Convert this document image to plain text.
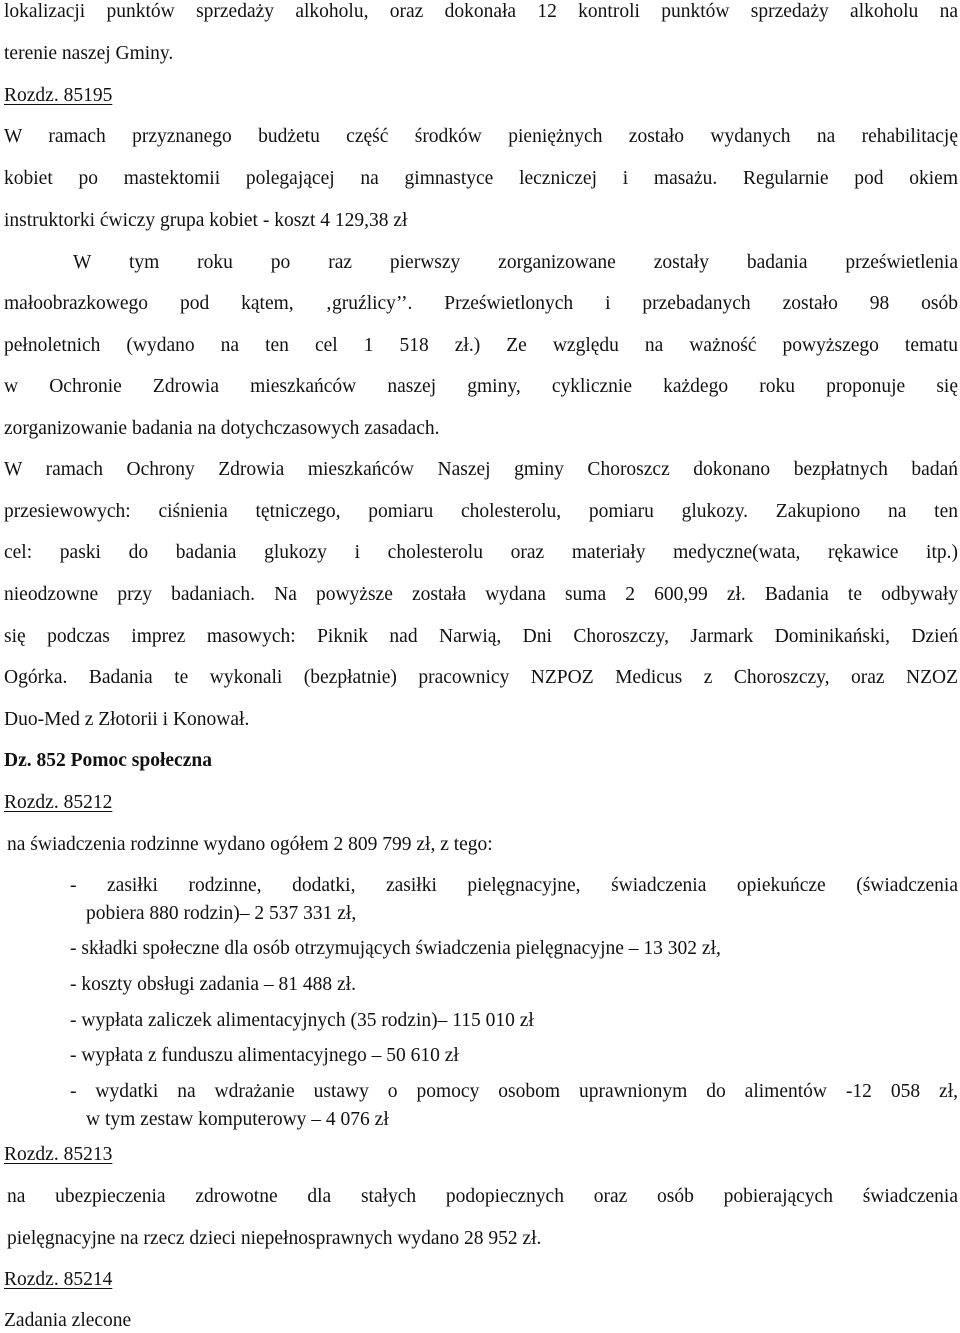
lokalizacji punktów sprzedaży alkoholu, oraz dokonała 12 kontroli punktów sprzedaży alkoholu na
terenie naszej Gminy.
Rozdz. 85195
W ramach przyznanego budżetu część środków pieniężnych zostało wydanych na rehabilitację
kobiet po mastektomii polegającej na gimnastyce leczniczej i masażu. Regularnie pod okiem
instruktorki ćwiczy grupa kobiet - koszt 4 129,38 zł
W tym roku po raz pierwszy zorganizowane zostały badania prześwietlenia
małoobrazkowego pod kątem, ‚gruźlicy’’. Prześwietlonych i przebadanych zostało 98 osób
pełnoletnich (wydano na ten cel 1 518 zł.) Ze względu na ważność powyższego tematu
w Ochronie Zdrowia mieszkańców naszej gminy, cyklicznie każdego roku proponuje się
zorganizowanie badania na dotychczasowych zasadach.
W ramach Ochrony Zdrowia mieszkańców Naszej gminy Choroszcz dokonano bezpłatnych badań
przesiewowych: ciśnienia tętniczego, pomiaru cholesterolu, pomiaru glukozy. Zakupiono na ten
cel: paski do badania glukozy i cholesterolu oraz materiały medyczne(wata, rękawice itp.)
nieodzowne przy badaniach. Na powyższe została wydana suma 2 600,99 zł. Badania te odbywały
się podczas imprez masowych: Piknik nad Narwią, Dni Choroszczy, Jarmark Dominikański, Dzień
Ogórka. Badania te wykonali (bezpłatnie) pracownicy NZPOZ Medicus z Choroszczy, oraz NZOZ
Duo-Med z Złotorii i Konował.
Dz. 852 Pomoc społeczna
Rozdz. 85212
na świadczenia rodzinne wydano ogółem 2 809 799 zł, z tego:
- zasiłki rodzinne, dodatki, zasiłki pielęgnacyjne, świadczenia opiekuńcze (świadczenia
pobiera 880 rodzin)– 2 537 331 zł,
- składki społeczne dla osób otrzymujących świadczenia pielęgnacyjne – 13 302 zł,
- koszty obsługi zadania – 81 488 zł.
- wypłata zaliczek alimentacyjnych (35 rodzin)– 115 010 zł
- wypłata z funduszu alimentacyjnego – 50 610 zł
- wydatki na wdrażanie ustawy o pomocy osobom uprawnionym do alimentów -12 058 zł,
w tym zestaw komputerowy – 4 076 zł
Rozdz. 85213
na ubezpieczenia zdrowotne dla stałych podopiecznych oraz osób pobierających świadczenia
pielęgnacyjne na rzecz dzieci niepełnosprawnych wydano 28 952 zł.
Rozdz. 85214
Zadania zlecone
